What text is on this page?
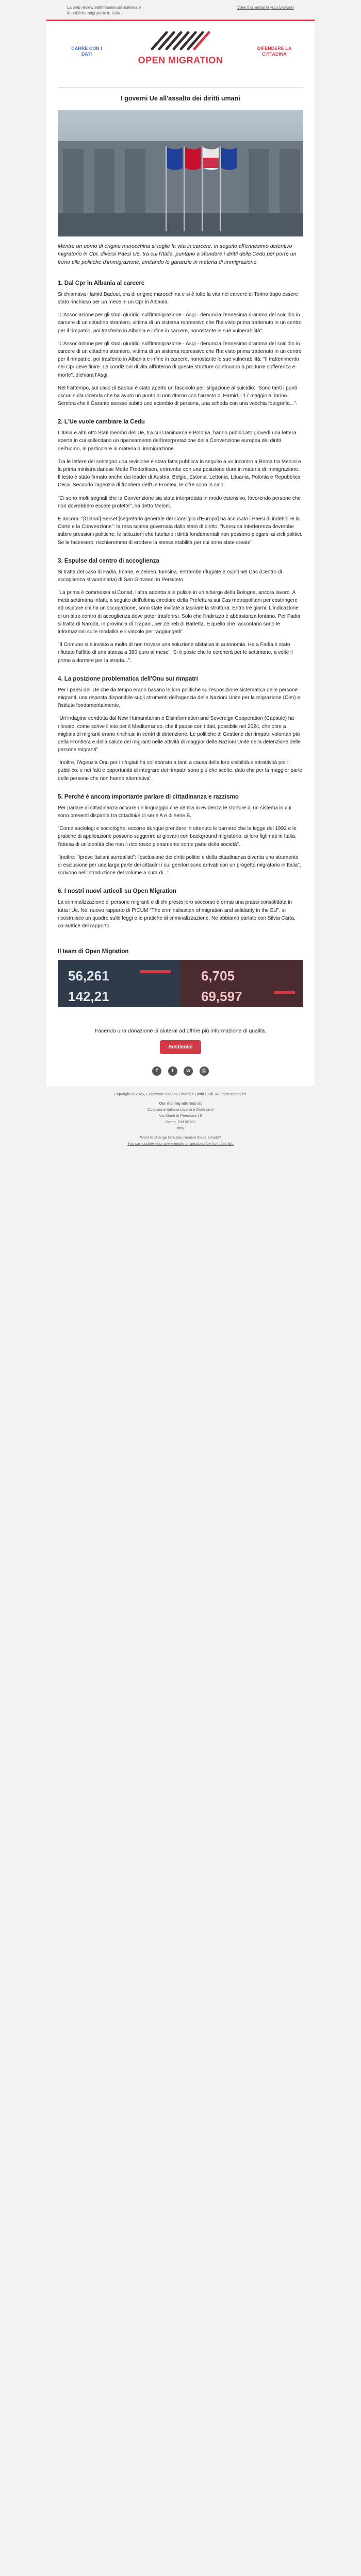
La web review settimanale sul sistema e le politiche migratorie in Italia
View this email in your browser
CARRE CON I DATI
OPEN MIGRATION
DIFENDERE LA CITTADINA
I governi Ue all'assalto dei diritti umani
Mentre un uomo di origine marocchina si toglie la vita in carcere, in seguito all'ennesimo detentivo migratorio in Cpr, diversi Paesi Ue, tra cui l'Italia, puntano a sfondare i diritti della Cedu per porre un freno alle politiche d'immigrazione, limitando le garanzie in materia di immigrazione.
1. Dal Cpr in Albania al carcere

Si chiamava Hamid Badoui, era di origine marocchina e si è tolto la vita nel carcere di Torino dopo essere stato rinchiuso per un mese in un Cpr in Albania.

"L'Associazione per gli studi giuridici sull'immigrazione - Asgi - denuncia l'ennesima dramma del suicidio in carcere di un cittadino straniero, vittima di un sistema repressivo che l'ha visto prima trattenuto in un centro per il rimpatrio, poi trasferito in Albania e infine in carcere, nonostante le sue vulnerabilità".

"L'Associazione per gli studi giuridici sull'immigrazione - Asgi - denuncia l'ennesimo dramma del suicidio in carcere di un cittadino straniero, vittima di un sistema repressivo che l'ha visto prima trattenuto in un centro per il rimpatrio, poi trasferito in Albania e infine in carcere, nonostante le sue vulnerabilità: "Il trattenimento nei Cpr deve finire. Le condizioni di vita all'interno di queste strutture continuano a produrre sofferenza e morte", dichiara l'Asgi.

Nel frattempo, sul caso di Badoui è stato aperto un fascicolo per istigazione al suicidio: "Sono tanti i punti oscuri sulla vicenda che ha avuto un punto di non ritorno con l'arresto di Hamid il 17 maggio a Torino. Sembra che il Garante avesse subito uno scambio di persona, una scheda con una vecchia fotografia...".

2. L'Ue vuole cambiare la Cedu

L'Italia e altri otto Stati membri dell'Ue, tra cui Danimarca e Polonia, hanno pubblicato giovedì una lettera aperta in cui sollecitano un ripensamento dell'interpretazione della Convenzione europea dei diritti dell'uomo, in particolare in materia di immigrazione.

Tra le lettere del sostegno una revisione è stata fatta pubblica in seguito a un incontro a Roma tra Meloni e la prima ministra danese Mette Frederiksen, entrambe con una posizione dura in materia di immigrazione. Il testo è stato firmato anche dai leader di Austria, Belgio, Estonia, Lettonia, Lituania, Polonia e Repubblica Ceca. Secondo l'agenzia di frontiera dell'Ue Frontex, le cifre sono in calo.

"Ci sono molti segnali che la Convenzione sia stata interpretata in modo estensivo, favorendo persone che non dovrebbero essere protette", ha detto Meloni.

E ancora: "[Gianni] Berset [segretario generale del Consiglio d'Europa] ha accusato i Paesi di indebolire la Corte e la Convenzione": la resa scarsa governata dallo stato di diritto. "Nessuna interferenza dovrebbe subire pressioni politiche, le istituzioni che tutelano i diritti fondamentali non possono piegarsi ai cicli politici. Se le facessero, rischieremmo di erodere la stessa stabilità per cui sono state create".

3. Espulse dal centro di accoglienza

Si tratta del caso di Fadia, Imane, e Zeineb, tunisina, entrambe rifugiate e ospiti nel Cas (Centro di accoglienza straordinaria) di San Giovanni in Persiceto.

"La prima è commessa al Conad, l'altra addetta alle pulizie in un albergo della Bologna, ancora lavoro. A metà settimana infatti, a seguito dell'ultima circolare della Prefettura sui Cas metropolitani per costringere ad ospitare chi ha un'occupazione, sono state invitate a lasciare la struttura. Entro tre giorni. L'indicazione di un altro centro di accoglienza dove poter trasferirsi. Solo che l'indirizzo è abbastanza lontano. Per Fadia si tratta di Naroda, in provincia di Trapani, per Zeineb di Barletta. E quello che raccontano sono le informazioni sulle modalità e il vincolo per raggiungerli".

"Il Comune si è inviato a molto di non trovare una soluzione abitativa in autonomia. Ha a Fadia è stato rifiutato l'affitto di una stanza a 380 euro al mese". Si è poste che lo cercherà per le settimane, a volte il primo a dormire per la strada...".

4. La posizione problematica dell'Onu sui rimpatri

Per i paesi dell'Ue che da tempo erano basano le loro politiche sull'esposizione sistematica delle persone migranti, una risposta disponibile sugli strumenti dell'agenzia delle Nazioni Unite per la migrazione (Oim) e, l'istituto fondamentalmente.

"Un'indagine condotta dal New Humanitarian e Disinformation and Sovereign Cooperation (Capsule) ha rilevato, come scrive il sito per il Mediterraneo, che il paese con i dati, possibile nel 2024, che oltre a migliaia di migranti erano rinchiusi in centri di detenzione. Le politiche di Gestione dei rimpatri volontari più della Frontiera e della salute dei migranti nelle attività di maggior delle Nazioni Unite nella detenzione delle persone migranti".

"Inoltre, l'Agenzia Onu per i rifugiati ha collaborato a tanti a causa della loro visibilità e attrattività per il pubblico, e nei fatti e opportunità di integrare dei rimpatri sono più che scelte, dato che per la maggior parte delle persone che non hanno alternativa".

5. Perché è ancora importante parlare di cittadinanza e razzismo

Per parlare di cittadinanza occorre un linguaggio che rientra in evidenza le storture di un sistema in cui sono presenti disparità tra cittadini/e di serie A e di serie B.

"Come sociologi e sociologhe, occorre dunque prendere in ottenuto le barriere che la legge del 1992 e le pratiche di applicazione possono suggerire ai giovani con background migratorio, ai loro figli nati in Italia, l'attesa di un'identità che non li riconosce pienamente come parte della società".

"Inoltre: "Iprove Italiani surrealisti": l'esclusione dei diritti politici e della cittadinanza diventa uno strumento di esclusione per una larga parte dei cittadini i cui genitori sono arrivati con un progetto migratorio in Italia", scrivono nell'introduzione del volume a cura di...".

6. I nostri nuovi articoli su Open Migration

La criminalizzazione di persone migranti e di chi presta loro soccorso è ormai una prassi consolidata in tutta l'Ue. Nel nuovo rapporto di PICUM "The criminalisation of migration and solidarity in the EU", si ricostruisce un quadro sulle leggi e le pratiche di criminalizzazione. Ne abbiamo parlato con Silvia Carta, co-autrice del rapporto.

Il team di Open Migration
56,261	6,705
142,21	69,597
Facendo una donazione ci aiuterai ad offrire più informazione di qualità.
Sostienici
f	t w @
Copyright © 2025, Coalizione Italiana Libertà e Diritti Civili. All rights reserved.
Our mailing address is:
Coalizione Italiana Libertà e Diritti civili
Via Monti di Pietralata 16
Roma, RM 00157
Italy
Want to change how you receive these emails?
You can update your preferences or unsubscribe from this list.
